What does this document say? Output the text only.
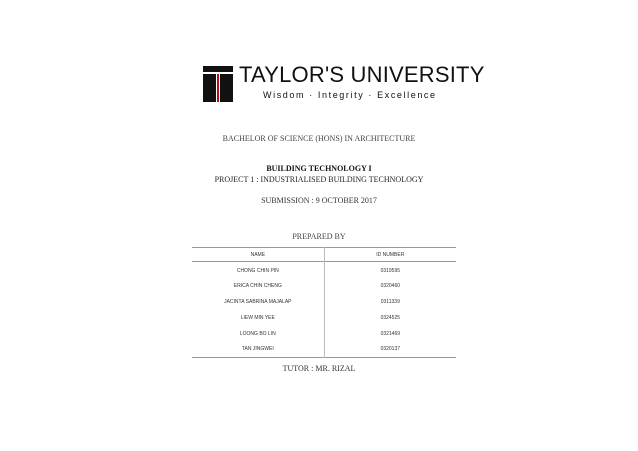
TAYLOR'S UNIVERSITY
Wisdom · Integrity · Excellence
BACHELOR OF SCIENCE (HONS) IN ARCHITECTURE
BUILDING TECHNOLOGY I
PROJECT 1 : INDUSTRIALISED BUILDING TECHNOLOGY
SUBMISSION : 9 OCTOBER 2017
PREPARED BY
NAME	ID NUMBER
CHONG CHIN PIN	0319595
ERICA CHIN CHENG	0320460
JACINTA SABRINA MAJALAP	0311339
LIEW MIN YEE	0324525
LOONG BO LIN	0321469
TAN JINGWEI	0320137
TUTOR : MR. RIZAL
